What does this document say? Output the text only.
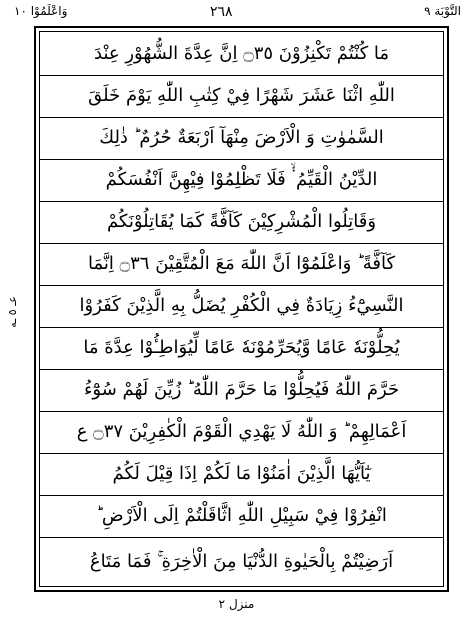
وَاعْلَمُوْا ١٠	٢٦٨	التَّوْبَة ٩
عـ ٥ ـه
مَا كُنْتُمْ تَكْنِزُوْنَ ۝٣٥ اِنَّ عِدَّةَ الشُّهُوْرِ عِنْدَ
اللّٰهِ اثْنَا عَشَرَ شَهْرًا فِيْ كِتٰبِ اللّٰهِ يَوْمَ خَلَقَ
السَّمٰوٰتِ وَ الْاَرْضَ مِنْهَآ اَرْبَعَةٌ حُرُمٌ ؕ ذٰلِكَ
الدِّيْنُ الْقَيِّمُ ۬ۙ فَلَا تَظْلِمُوْا فِيْهِنَّ اَنْفُسَكُمْ
وَقَاتِلُوا الْمُشْرِكِيْنَ كَآفَّةً كَمَا يُقَاتِلُوْنَكُمْ
كَآفَّةً ؕ وَاعْلَمُوْٓا اَنَّ اللّٰهَ مَعَ الْمُتَّقِيْنَ ۝٣٦ اِنَّمَا
النَّسِيْٓءُ زِيَادَةٌ فِي الْكُفْرِ يُضَلُّ بِهِ الَّذِيْنَ كَفَرُوْا
يُحِلُّوْنَهٗ عَامًا وَّيُحَرِّمُوْنَهٗ عَامًا لِّيُوَاطِـُٔوْا عِدَّةَ مَا
حَرَّمَ اللّٰهُ فَيُحِلُّوْا مَا حَرَّمَ اللّٰهُ ؕ زُيِّنَ لَهُمْ سُوْٓءُ
اَعْمَالِهِمْ ؕ وَ اللّٰهُ لَا يَهْدِي الْقَوْمَ الْكٰفِرِيْنَ ۝٣٧ ع
يٰٓاَيُّهَا الَّذِيْنَ اٰمَنُوْا مَا لَكُمْ اِذَا قِيْلَ لَكُمُ
انْفِرُوْا فِيْ سَبِيْلِ اللّٰهِ اثَّاقَلْتُمْ اِلَى الْاَرْضِ ؕ
اَرَضِيْتُمْ بِالْحَيٰوةِ الدُّنْيَا مِنَ الْاٰخِرَةِ ۚ فَمَا مَتَاعُ
منزل ٢
